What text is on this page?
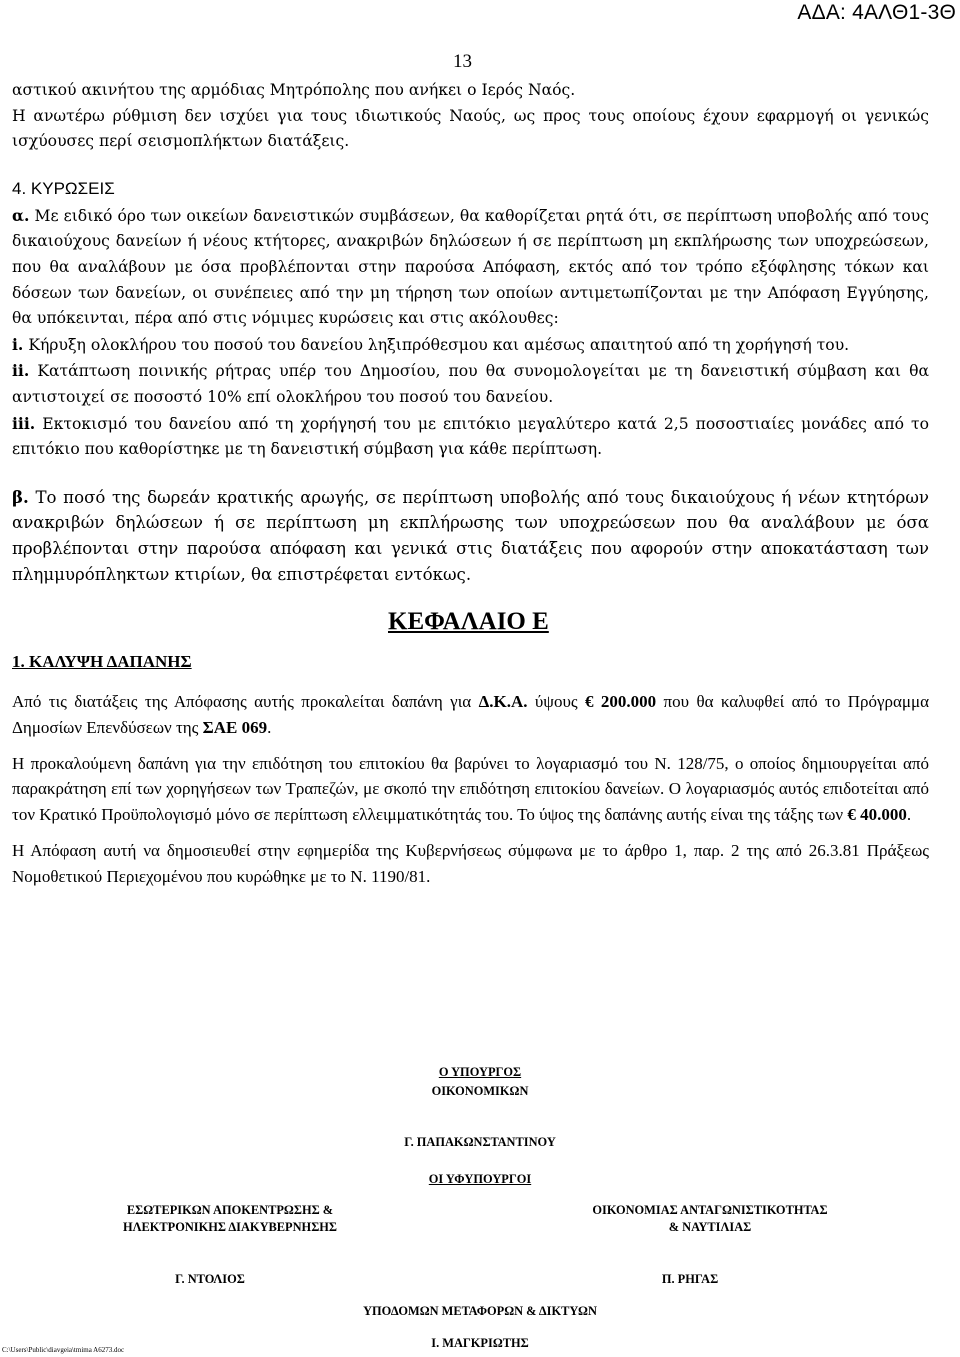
ΑΔΑ: 4ΑΛΘ1-3Θ
13

αστικού ακινήτου της αρμόδιας Μητρόπολης που ανήκει ο Ιερός Ναός.

Η ανωτέρω ρύθμιση δεν ισχύει για τους ιδιωτικούς Ναούς, ως προς τους οποίους έχουν εφαρμογή οι γενικώς ισχύουσες περί σεισμοπλήκτων διατάξεις.

4. ΚΥΡΩΣΕΙΣ

α. Με ειδικό όρο των οικείων δανειστικών συμβάσεων, θα καθορίζεται ρητά ότι, σε περίπτωση υποβολής από τους δικαιούχους δανείων ή νέους κτήτορες, ανακριβών δηλώσεων ή σε περίπτωση μη εκπλήρωσης των υποχρεώσεων, που θα αναλάβουν με όσα προβλέπονται στην παρούσα Απόφαση, εκτός από τον τρόπο εξόφλησης τόκων και δόσεων των δανείων, οι συνέπειες από την μη τήρηση των οποίων αντιμετωπίζονται με την Απόφαση Εγγύησης, θα υπόκεινται, πέρα από στις νόμιμες κυρώσεις και στις ακόλουθες:

i. Κήρυξη ολοκλήρου του ποσού του δανείου ληξιπρόθεσμου και αμέσως απαιτητού από τη χορήγησή του.

ii. Κατάπτωση ποινικής ρήτρας υπέρ του Δημοσίου, που θα συνομολογείται με τη δανειστική σύμβαση και θα αντιστοιχεί σε ποσοστό 10% επί ολοκλήρου του ποσού του δανείου.

iii. Εκτοκισμό του δανείου από τη χορήγησή του με επιτόκιο μεγαλύτερο κατά 2,5 ποσοστιαίες μονάδες από το επιτόκιο που καθορίστηκε με τη δανειστική σύμβαση για κάθε περίπτωση.

β. Το ποσό της δωρεάν κρατικής αρωγής, σε περίπτωση υποβολής από τους δικαιούχους ή νέων κτητόρων ανακριβών δηλώσεων ή σε περίπτωση μη εκπλήρωσης των υποχρεώσεων που θα αναλάβουν με όσα προβλέπονται στην παρούσα απόφαση και γενικά στις διατάξεις που αφορούν στην αποκατάσταση των πλημμυρόπληκτων κτιρίων, θα επιστρέφεται εντόκως.

ΚΕΦΑΛΑΙΟ Ε
1. ΚΑΛΥΨΗ ΔΑΠΑΝΗΣ

Από τις διατάξεις της Απόφασης αυτής προκαλείται δαπάνη για Δ.Κ.Α. ύψους € 200.000 που θα καλυφθεί από το Πρόγραμμα Δημοσίων Επενδύσεων της ΣΑΕ 069.

Η προκαλούμενη δαπάνη για την επιδότηση του επιτοκίου θα βαρύνει το λογαριασμό του Ν. 128/75, ο οποίος δημιουργείται από παρακράτηση επί των χορηγήσεων των Τραπεζών, με σκοπό την επιδότηση επιτοκίου δανείων. Ο λογαριασμός αυτός επιδοτείται από τον Κρατικό Προϋπολογισμό μόνο σε περίπτωση ελλειμματικότητάς του. Το ύψος της δαπάνης αυτής είναι της τάξης των € 40.000.

Η Απόφαση αυτή να δημοσιευθεί στην εφημερίδα της Κυβερνήσεως σύμφωνα με το άρθρο 1, παρ. 2 της από 26.3.81 Πράξεως Νομοθετικού Περιεχομένου που κυρώθηκε με το Ν. 1190/81.

Ο ΥΠΟΥΡΓΟΣ
ΟΙΚΟΝΟΜΙΚΩΝ
Γ. ΠΑΠΑΚΩΝΣΤΑΝΤΙΝΟΥ
ΟΙ ΥΦΥΠΟΥΡΓΟΙ
ΕΣΩΤΕΡΙΚΩΝ ΑΠΟΚΕΝΤΡΩΣΗΣ &
ΗΛΕΚΤΡΟΝΙΚΗΣ ΔΙΑΚΥΒΕΡΝΗΣΗΣ
ΟΙΚΟΝΟΜΙΑΣ ΑΝΤΑΓΩΝΙΣΤΙΚΟΤΗΤΑΣ
& ΝΑΥΤΙΛΙΑΣ
Γ. ΝΤΟΛΙΟΣ	Π. ΡΗΓΑΣ
ΥΠΟΔΟΜΩΝ ΜΕΤΑΦΟΡΩΝ & ΔΙΚΤΥΩΝ
Ι. ΜΑΓΚΡΙΩΤΗΣ
C:\Users\Public\diavgeia\tmima A6273.doc
